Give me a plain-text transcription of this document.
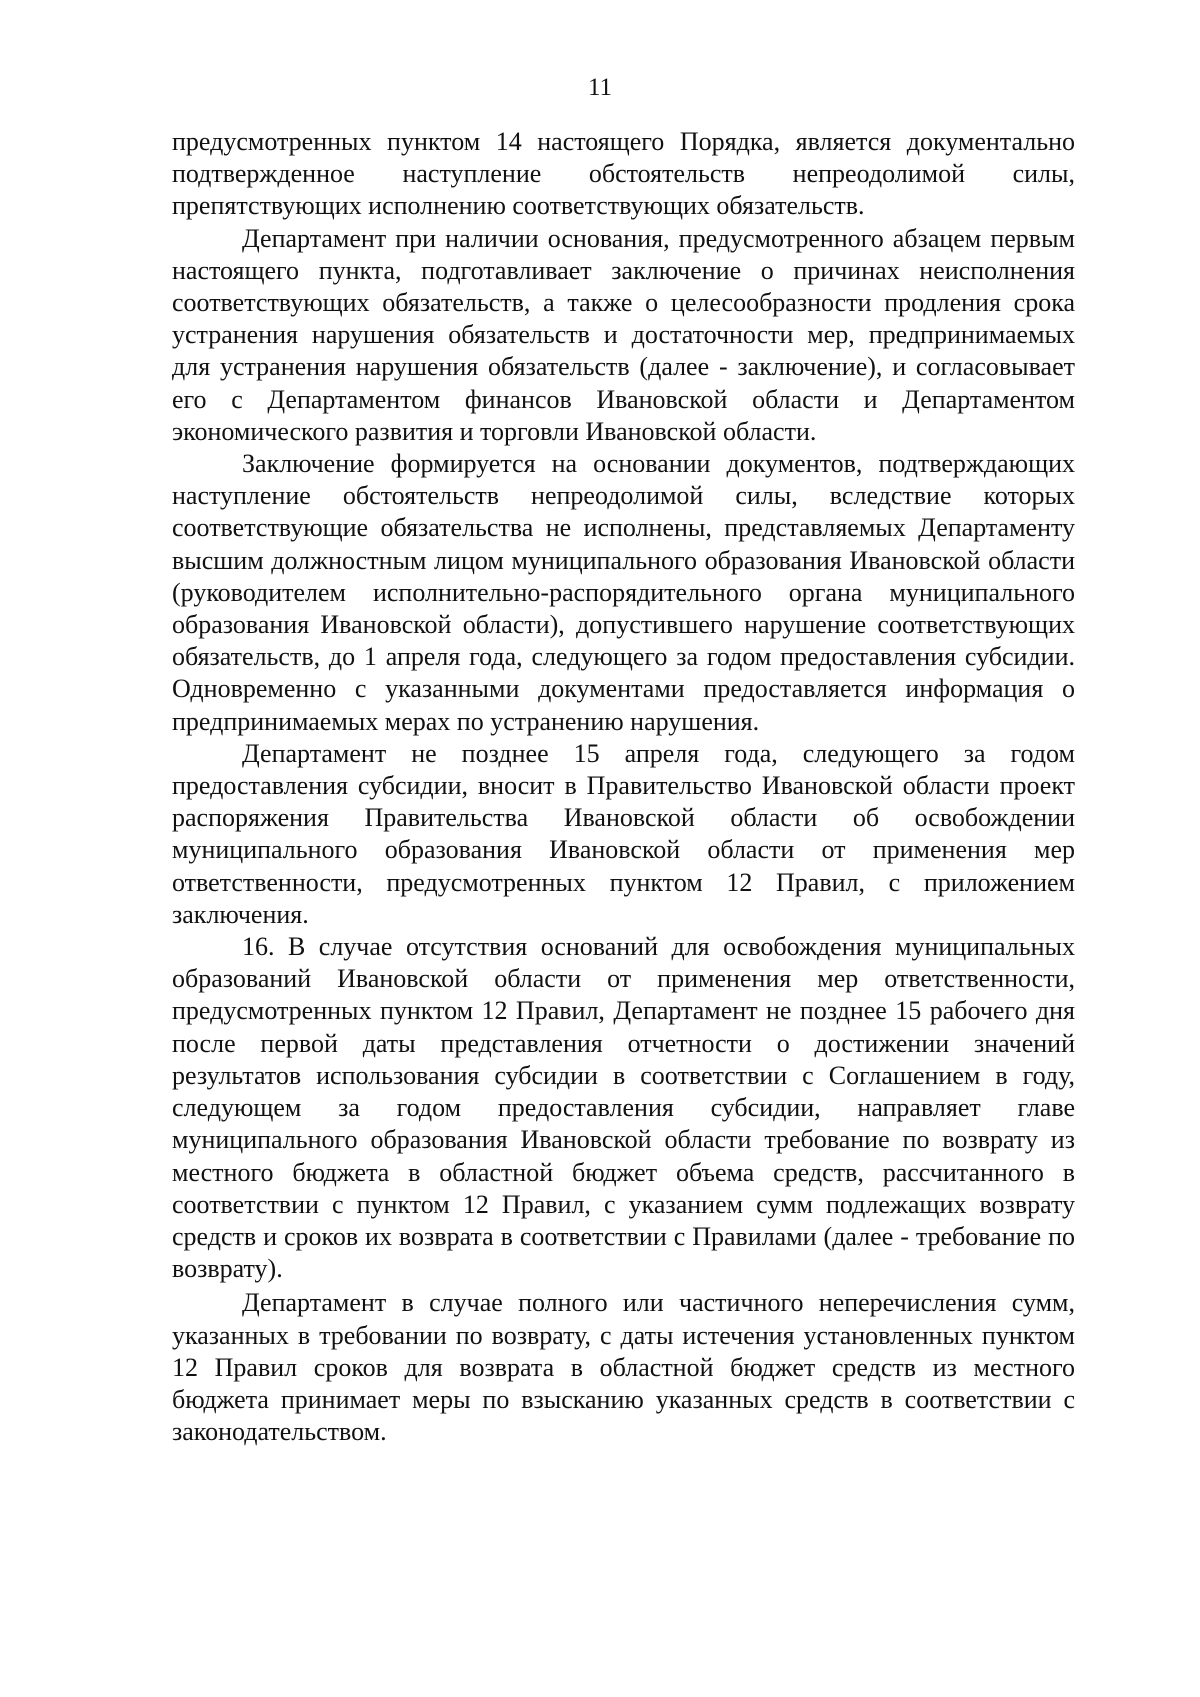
11

предусмотренных пунктом 14 настоящего Порядка, является документально подтвержденное наступление обстоятельств непреодолимой силы, препятствующих исполнению соответствующих обязательств.

Департамент при наличии основания, предусмотренного абзацем первым настоящего пункта, подготавливает заключение о причинах неисполнения соответствующих обязательств, а также о целесообразности продления срока устранения нарушения обязательств и достаточности мер, предпринимаемых для устранения нарушения обязательств (далее - заключение), и согласовывает его с Департаментом финансов Ивановской области и Департаментом экономического развития и торговли Ивановской области.

Заключение формируется на основании документов, подтверждающих наступление обстоятельств непреодолимой силы, вследствие которых соответствующие обязательства не исполнены, представляемых Департаменту высшим должностным лицом муниципального образования Ивановской области (руководителем исполнительно-распорядительного органа муниципального образования Ивановской области), допустившего нарушение соответствующих обязательств, до 1 апреля года, следующего за годом предоставления субсидии. Одновременно с указанными документами предоставляется информация о предпринимаемых мерах по устранению нарушения.

Департамент не позднее 15 апреля года, следующего за годом предоставления субсидии, вносит в Правительство Ивановской области проект распоряжения Правительства Ивановской области об освобождении муниципального образования Ивановской области от применения мер ответственности, предусмотренных пунктом 12 Правил, с приложением заключения.

16. В случае отсутствия оснований для освобождения муниципальных образований Ивановской области от применения мер ответственности, предусмотренных пунктом 12 Правил, Департамент не позднее 15 рабочего дня после первой даты представления отчетности о достижении значений результатов использования субсидии в соответствии с Соглашением в году, следующем за годом предоставления субсидии, направляет главе муниципального образования Ивановской области требование по возврату из местного бюджета в областной бюджет объема средств, рассчитанного в соответствии с пунктом 12 Правил, с указанием сумм подлежащих возврату средств и сроков их возврата в соответствии с Правилами (далее - требование по возврату).

Департамент в случае полного или частичного неперечисления сумм, указанных в требовании по возврату, с даты истечения установленных пунктом 12 Правил сроков для возврата в областной бюджет средств из местного бюджета принимает меры по взысканию указанных средств в соответствии с законодательством.
